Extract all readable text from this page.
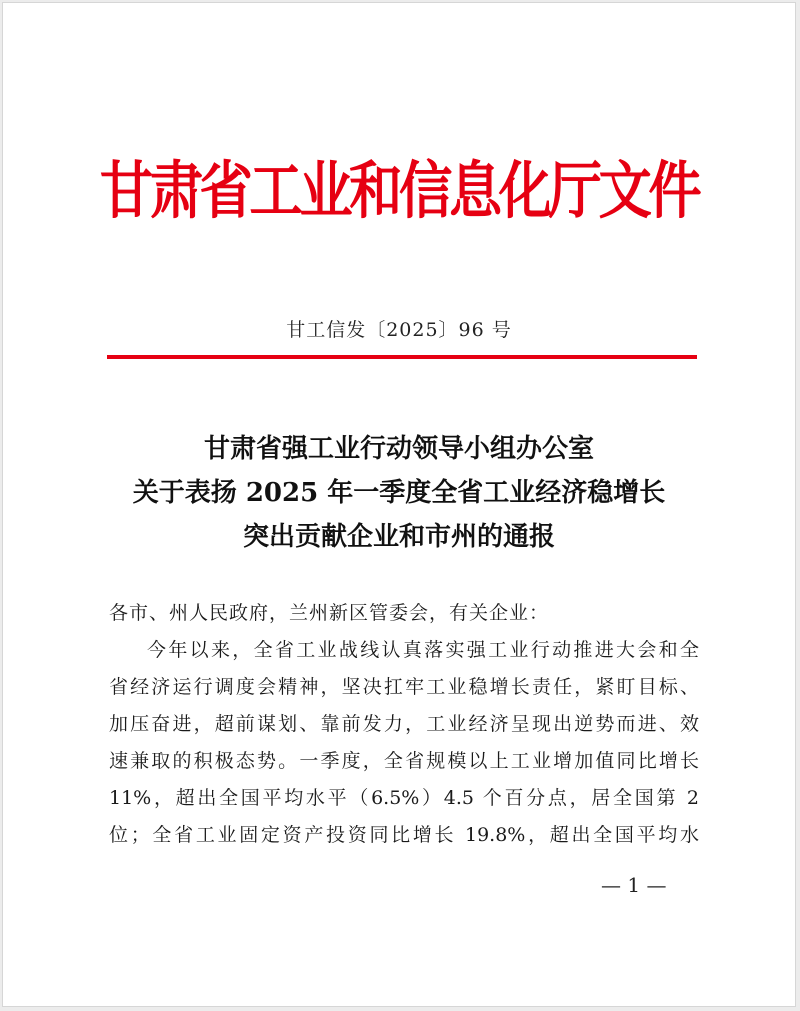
甘肃省工业和信息化厅文件
甘工信发〔2025〕96 号
甘肃省强工业行动领导小组办公室
关于表扬 2025 年一季度全省工业经济稳增长
突出贡献企业和市州的通报
各市、州人民政府，兰州新区管委会，有关企业：
今年以来，全省工业战线认真落实强工业行动推进大会和全
省经济运行调度会精神，坚决扛牢工业稳增长责任，紧盯目标、
加压奋进，超前谋划、靠前发力，工业经济呈现出逆势而进、效
速兼取的积极态势。一季度，全省规模以上工业增加值同比增长
11%，超出全国平均水平（6.5%）4.5 个百分点，居全国第 2
位；全省工业固定资产投资同比增长 19.8%，超出全国平均水
— 1 —
